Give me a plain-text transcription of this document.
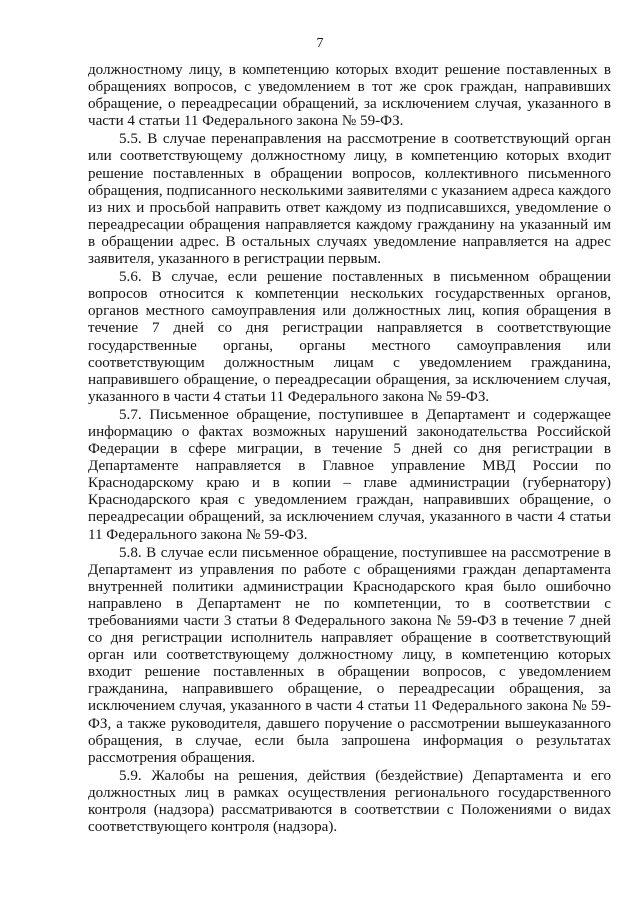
7

должностному лицу, в компетенцию которых входит решение поставленных в обращениях вопросов, с уведомлением в тот же срок граждан, направивших обращение, о переадресации обращений, за исключением случая, указанного в части 4 статьи 11 Федерального закона № 59-ФЗ.

5.5. В случае перенаправления на рассмотрение в соответствующий орган или соответствующему должностному лицу, в компетенцию которых входит решение поставленных в обращении вопросов, коллективного письменного обращения, подписанного несколькими заявителями с указанием адреса каждого из них и просьбой направить ответ каждому из подписавшихся, уведомление о переадресации обращения направляется каждому гражданину на указанный им в обращении адрес. В остальных случаях уведомление направляется на адрес заявителя, указанного в регистрации первым.

5.6. В случае, если решение поставленных в письменном обращении вопросов относится к компетенции нескольких государственных органов, органов местного самоуправления или должностных лиц, копия обращения в течение 7 дней со дня регистрации направляется в соответствующие государственные органы, органы местного самоуправления или соответствующим должностным лицам с уведомлением гражданина, направившего обращение, о переадресации обращения, за исключением случая, указанного в части 4 статьи 11 Федерального закона № 59-ФЗ.

5.7. Письменное обращение, поступившее в Департамент и содержащее информацию о фактах возможных нарушений законодательства Российской Федерации в сфере миграции, в течение 5 дней со дня регистрации в Департаменте направляется в Главное управление МВД России по Краснодарскому краю и в копии – главе администрации (губернатору) Краснодарского края с уведомлением граждан, направивших обращение, о переадресации обращений, за исключением случая, указанного в части 4 статьи 11 Федерального закона № 59-ФЗ.

5.8. В случае если письменное обращение, поступившее на рассмотрение в Департамент из управления по работе с обращениями граждан департамента внутренней политики администрации Краснодарского края было ошибочно направлено в Департамент не по компетенции, то в соответствии с требованиями части 3 статьи 8 Федерального закона № 59-ФЗ в течение 7 дней со дня регистрации исполнитель направляет обращение в соответствующий орган или соответствующему должностному лицу, в компетенцию которых входит решение поставленных в обращении вопросов, с уведомлением гражданина, направившего обращение, о переадресации обращения, за исключением случая, указанного в части 4 статьи 11 Федерального закона № 59-ФЗ, а также руководителя, давшего поручение о рассмотрении вышеуказанного обращения, в случае, если была запрошена информация о результатах рассмотрения обращения.

5.9. Жалобы на решения, действия (бездействие) Департамента и его должностных лиц в рамках осуществления регионального государственного контроля (надзора) рассматриваются в соответствии с Положениями о видах соответствующего контроля (надзора).
